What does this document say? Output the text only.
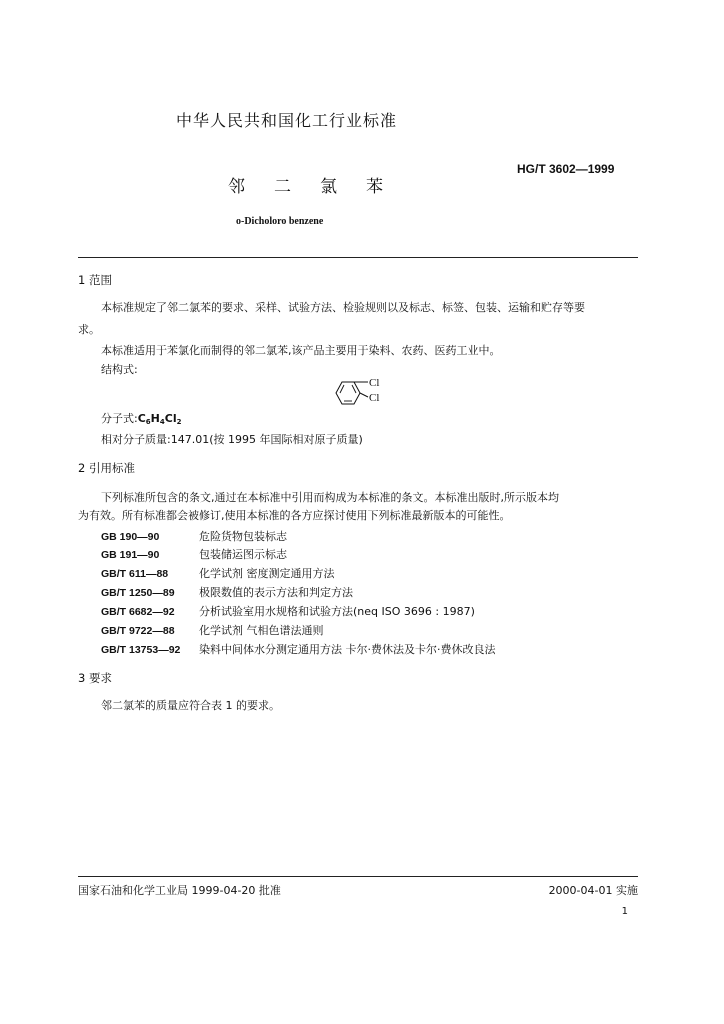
中华人民共和国化工行业标准
HG/T 3602—1999
邻 二 氯 苯
o-Dicholoro benzene
1 范围
本标准规定了邻二氯苯的要求、采样、试验方法、检验规则以及标志、标签、包装、运输和贮存等要
求。
本标准适用于苯氯化而制得的邻二氯苯,该产品主要用于染料、农药、医药工业中。
结构式:
Cl
Cl
分子式$:C_6H_4Cl_2$
相对分子质量:147.01(按 1995 年国际相对原子质量)
2 引用标准
下列标准所包含的条文,通过在本标准中引用而构成为本标准的条文。本标准出版时,所示版本均
为有效。所有标准都会被修订,使用本标准的各方应探讨使用下列标准最新版本的可能性。
GB 190—90	危险货物包装标志
GB 191—90	包装储运图示标志
GB/T 611—88	化学试剂 密度测定通用方法
GB/T 1250—89 极限数值的表示方法和判定方法
GB/T 6682—92 分析试验室用水规格和试验方法(neq ISO 3696 : 1987)
GB/T 9722—88 化学试剂 气相色谱法通则
GB/T 13753—92 染料中间体水分测定通用方法 卡尔·费休法及卡尔·费休改良法
3 要求
邻二氯苯的质量应符合表 1 的要求。
国家石油和化学工业局 1999-04-20 批准	2000-04-01 实施
1
